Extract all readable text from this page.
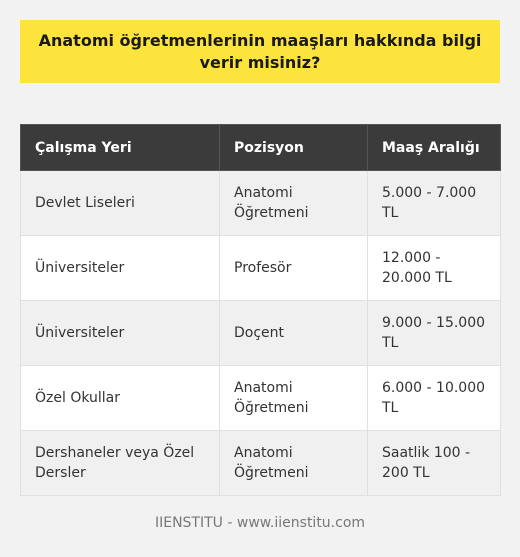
Anatomi öğretmenlerinin maaşları hakkında bilgi verir misiniz?
Çalışma Yeri	Pozisyon	Maaş Aralığı
Devlet Liseleri	Anatomi Öğretmeni	5.000 - 7.000 TL
Üniversiteler	Profesör	12.000 - 20.000 TL
Üniversiteler	Doçent	9.000 - 15.000 TL
Özel Okullar	Anatomi Öğretmeni	6.000 - 10.000 TL
Dershaneler veya Özel Dersler	Anatomi Öğretmeni	Saatlik 100 - 200 TL
IIENSTITU - www.iienstitu.com
